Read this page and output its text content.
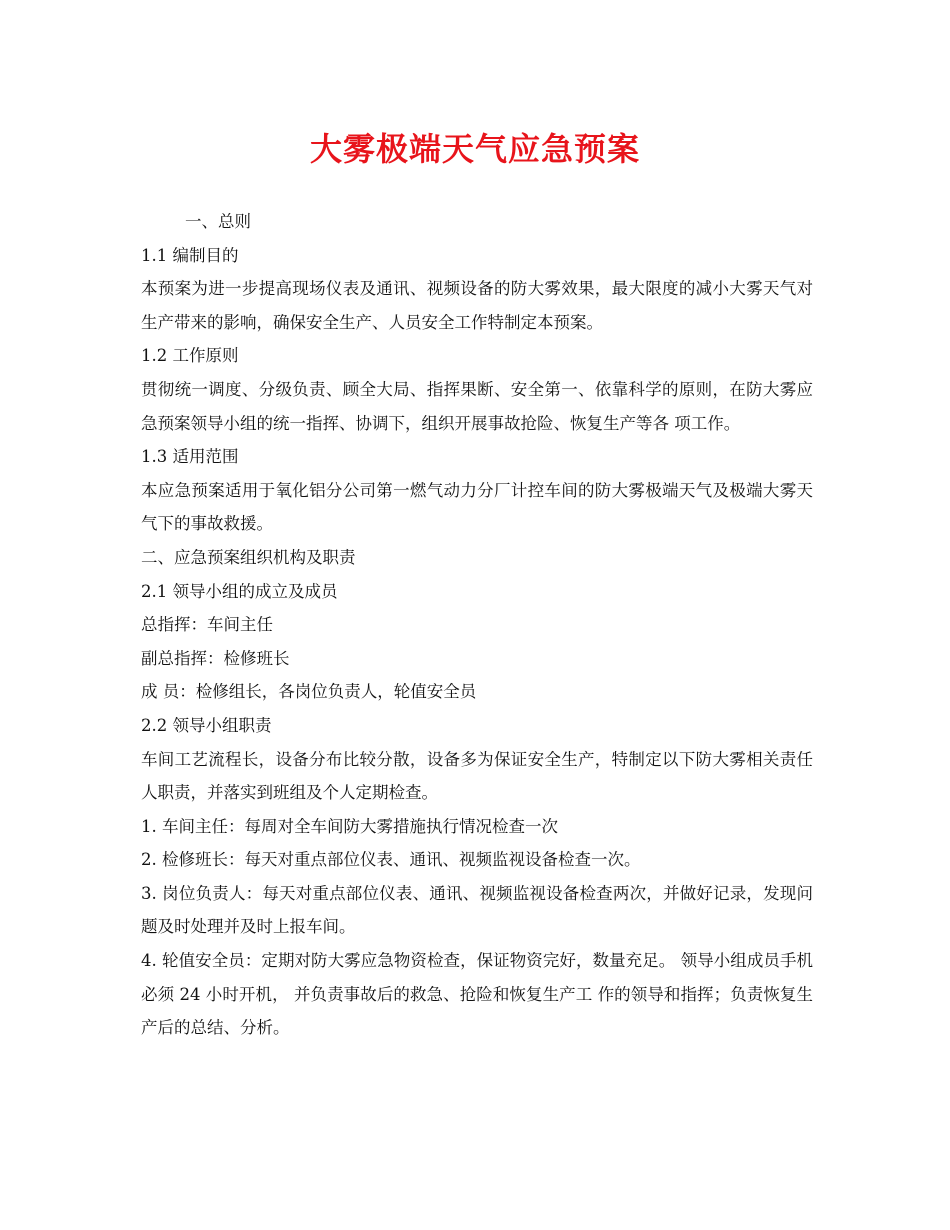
大雾极端天气应急预案

一、总则

1.1 编制目的

本预案为进一步提高现场仪表及通讯、视频设备的防大雾效果，最大限度的减小大雾天气对生产带来的影响，确保安全生产、人员安全工作特制定本预案。

1.2 工作原则

贯彻统一调度、分级负责、顾全大局、指挥果断、安全第一、依靠科学的原则，在防大雾应急预案领导小组的统一指挥、协调下，组织开展事故抢险、恢复生产等各 项工作。

1.3 适用范围

本应急预案适用于氧化铝分公司第一燃气动力分厂计控车间的防大雾极端天气及极端大雾天气下的事故救援。

二、应急预案组织机构及职责

2.1 领导小组的成立及成员

总指挥：车间主任

副总指挥：检修班长

成 员：检修组长，各岗位负责人，轮值安全员

2.2 领导小组职责

车间工艺流程长，设备分布比较分散，设备多为保证安全生产，特制定以下防大雾相关责任人职责，并落实到班组及个人定期检查。

1. 车间主任：每周对全车间防大雾措施执行情况检查一次

2. 检修班长：每天对重点部位仪表、通讯、视频监视设备检查一次。

3. 岗位负责人：每天对重点部位仪表、通讯、视频监视设备检查两次，并做好记录，发现问题及时处理并及时上报车间。

4. 轮值安全员：定期对防大雾应急物资检查，保证物资完好，数量充足。 领导小组成员手机必须 24 小时开机， 并负责事故后的救急、抢险和恢复生产工 作的领导和指挥；负责恢复生产后的总结、分析。
